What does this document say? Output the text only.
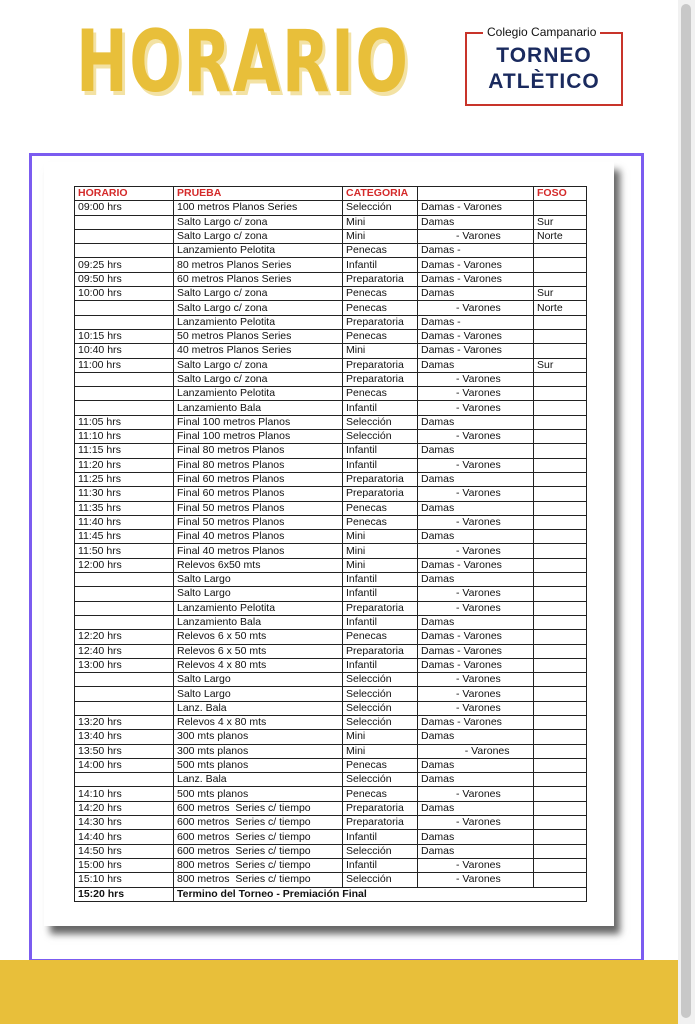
HORARIO	Colegio Campanario
TORNEO
ATLÈTICO
HORARIO	PRUEBA	CATEGORIA		FOSO
09:00 hrs	100 metros Planos Series	Selección	Damas - Varones	
	Salto Largo c/ zona	Mini	Damas	Sur
	Salto Largo c/ zona	Mini	- Varones	Norte
	Lanzamiento Pelotita	Penecas	Damas -	
09:25 hrs	80 metros Planos Series	Infantil	Damas - Varones	
09:50 hrs	60 metros Planos Series	Preparatoria	Damas - Varones	
10:00 hrs	Salto Largo c/ zona	Penecas	Damas	Sur
	Salto Largo c/ zona	Penecas	- Varones	Norte
	Lanzamiento Pelotita	Preparatoria	Damas -	
10:15 hrs	50 metros Planos Series	Penecas	Damas - Varones	
10:40 hrs	40 metros Planos Series	Mini	Damas - Varones	
11:00 hrs	Salto Largo c/ zona	Preparatoria	Damas	Sur
	Salto Largo c/ zona	Preparatoria	- Varones	
	Lanzamiento Pelotita	Penecas	- Varones	
	Lanzamiento Bala	Infantil	- Varones	
11:05 hrs	Final 100 metros Planos	Selección	Damas	
11:10 hrs	Final 100 metros Planos	Selección	- Varones	
11:15 hrs	Final 80 metros Planos	Infantil	Damas	
11:20 hrs	Final 80 metros Planos	Infantil	- Varones	
11:25 hrs	Final 60 metros Planos	Preparatoria	Damas	
11:30 hrs	Final 60 metros Planos	Preparatoria	- Varones	
11:35 hrs	Final 50 metros Planos	Penecas	Damas	
11:40 hrs	Final 50 metros Planos	Penecas	- Varones	
11:45 hrs	Final 40 metros Planos	Mini	Damas	
11:50 hrs	Final 40 metros Planos	Mini	- Varones	
12:00 hrs	Relevos 6x50 mts	Mini	Damas - Varones	
	Salto Largo	Infantil	Damas	
	Salto Largo	Infantil	- Varones	
	Lanzamiento Pelotita	Preparatoria	- Varones	
	Lanzamiento Bala	Infantil	Damas	
12:20 hrs	Relevos 6 x 50 mts	Penecas	Damas - Varones	
12:40 hrs	Relevos 6 x 50 mts	Preparatoria	Damas - Varones	
13:00 hrs	Relevos 4 x 80 mts	Infantil	Damas - Varones	
	Salto Largo	Selección	- Varones	
	Salto Largo	Selección	- Varones	
	Lanz. Bala	Selección	- Varones	
13:20 hrs	Relevos 4 x 80 mts	Selección	Damas - Varones	
13:40 hrs	300 mts planos	Mini	Damas	
13:50 hrs	300 mts planos	Mini	- Varones	
14:00 hrs	500 mts planos	Penecas	Damas	
	Lanz. Bala	Selección	Damas	
14:10 hrs	500 mts planos	Penecas	- Varones	
14:20 hrs	600 metros  Series c/ tiempo	Preparatoria	Damas	
14:30 hrs	600 metros  Series c/ tiempo	Preparatoria	- Varones	
14:40 hrs	600 metros  Series c/ tiempo	Infantil	Damas	
14:50 hrs	600 metros  Series c/ tiempo	Selección	Damas	
15:00 hrs	800 metros  Series c/ tiempo	Infantil	- Varones	
15:10 hrs	800 metros  Series c/ tiempo	Selección	- Varones	
15:20 hrs	Termino del Torneo - Premiación Final			
